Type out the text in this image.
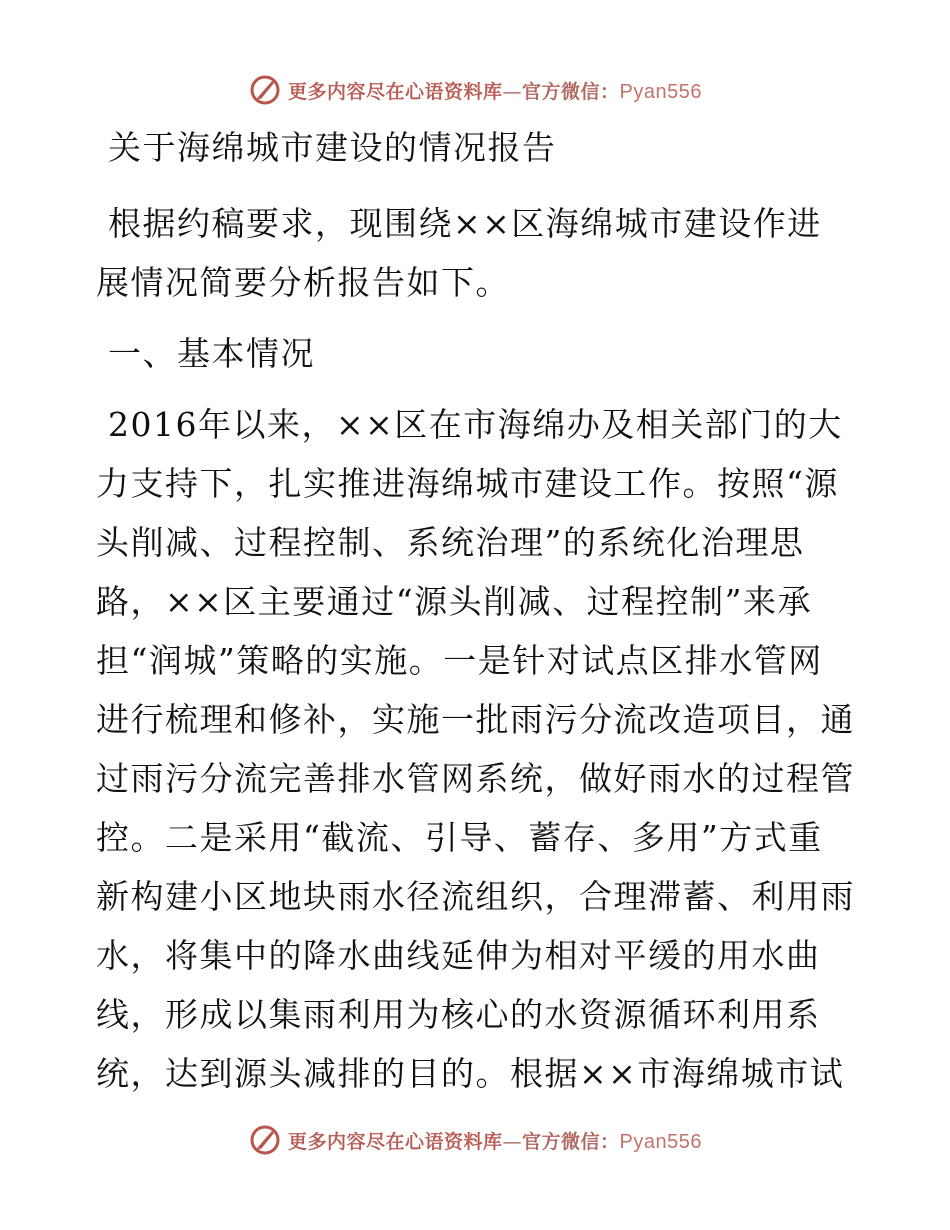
更多内容尽在心语资料库—官方微信：Pyan556
关于海绵城市建设的情况报告
根据约稿要求，现围绕××区海绵城市建设作进
展情况简要分析报告如下。
一、基本情况
2016年以来，××区在市海绵办及相关部门的大
力支持下，扎实推进海绵城市建设工作。按照“源
头削减、过程控制、系统治理”的系统化治理思
路，××区主要通过“源头削减、过程控制”来承
担“润城”策略的实施。一是针对试点区排水管网
进行梳理和修补，实施一批雨污分流改造项目，通
过雨污分流完善排水管网系统，做好雨水的过程管
控。二是采用“截流、引导、蓄存、多用”方式重
新构建小区地块雨水径流组织，合理滞蓄、利用雨
水，将集中的降水曲线延伸为相对平缓的用水曲
线，形成以集雨利用为核心的水资源循环利用系
统，达到源头减排的目的。根据××市海绵城市试
更多内容尽在心语资料库—官方微信：Pyan556
